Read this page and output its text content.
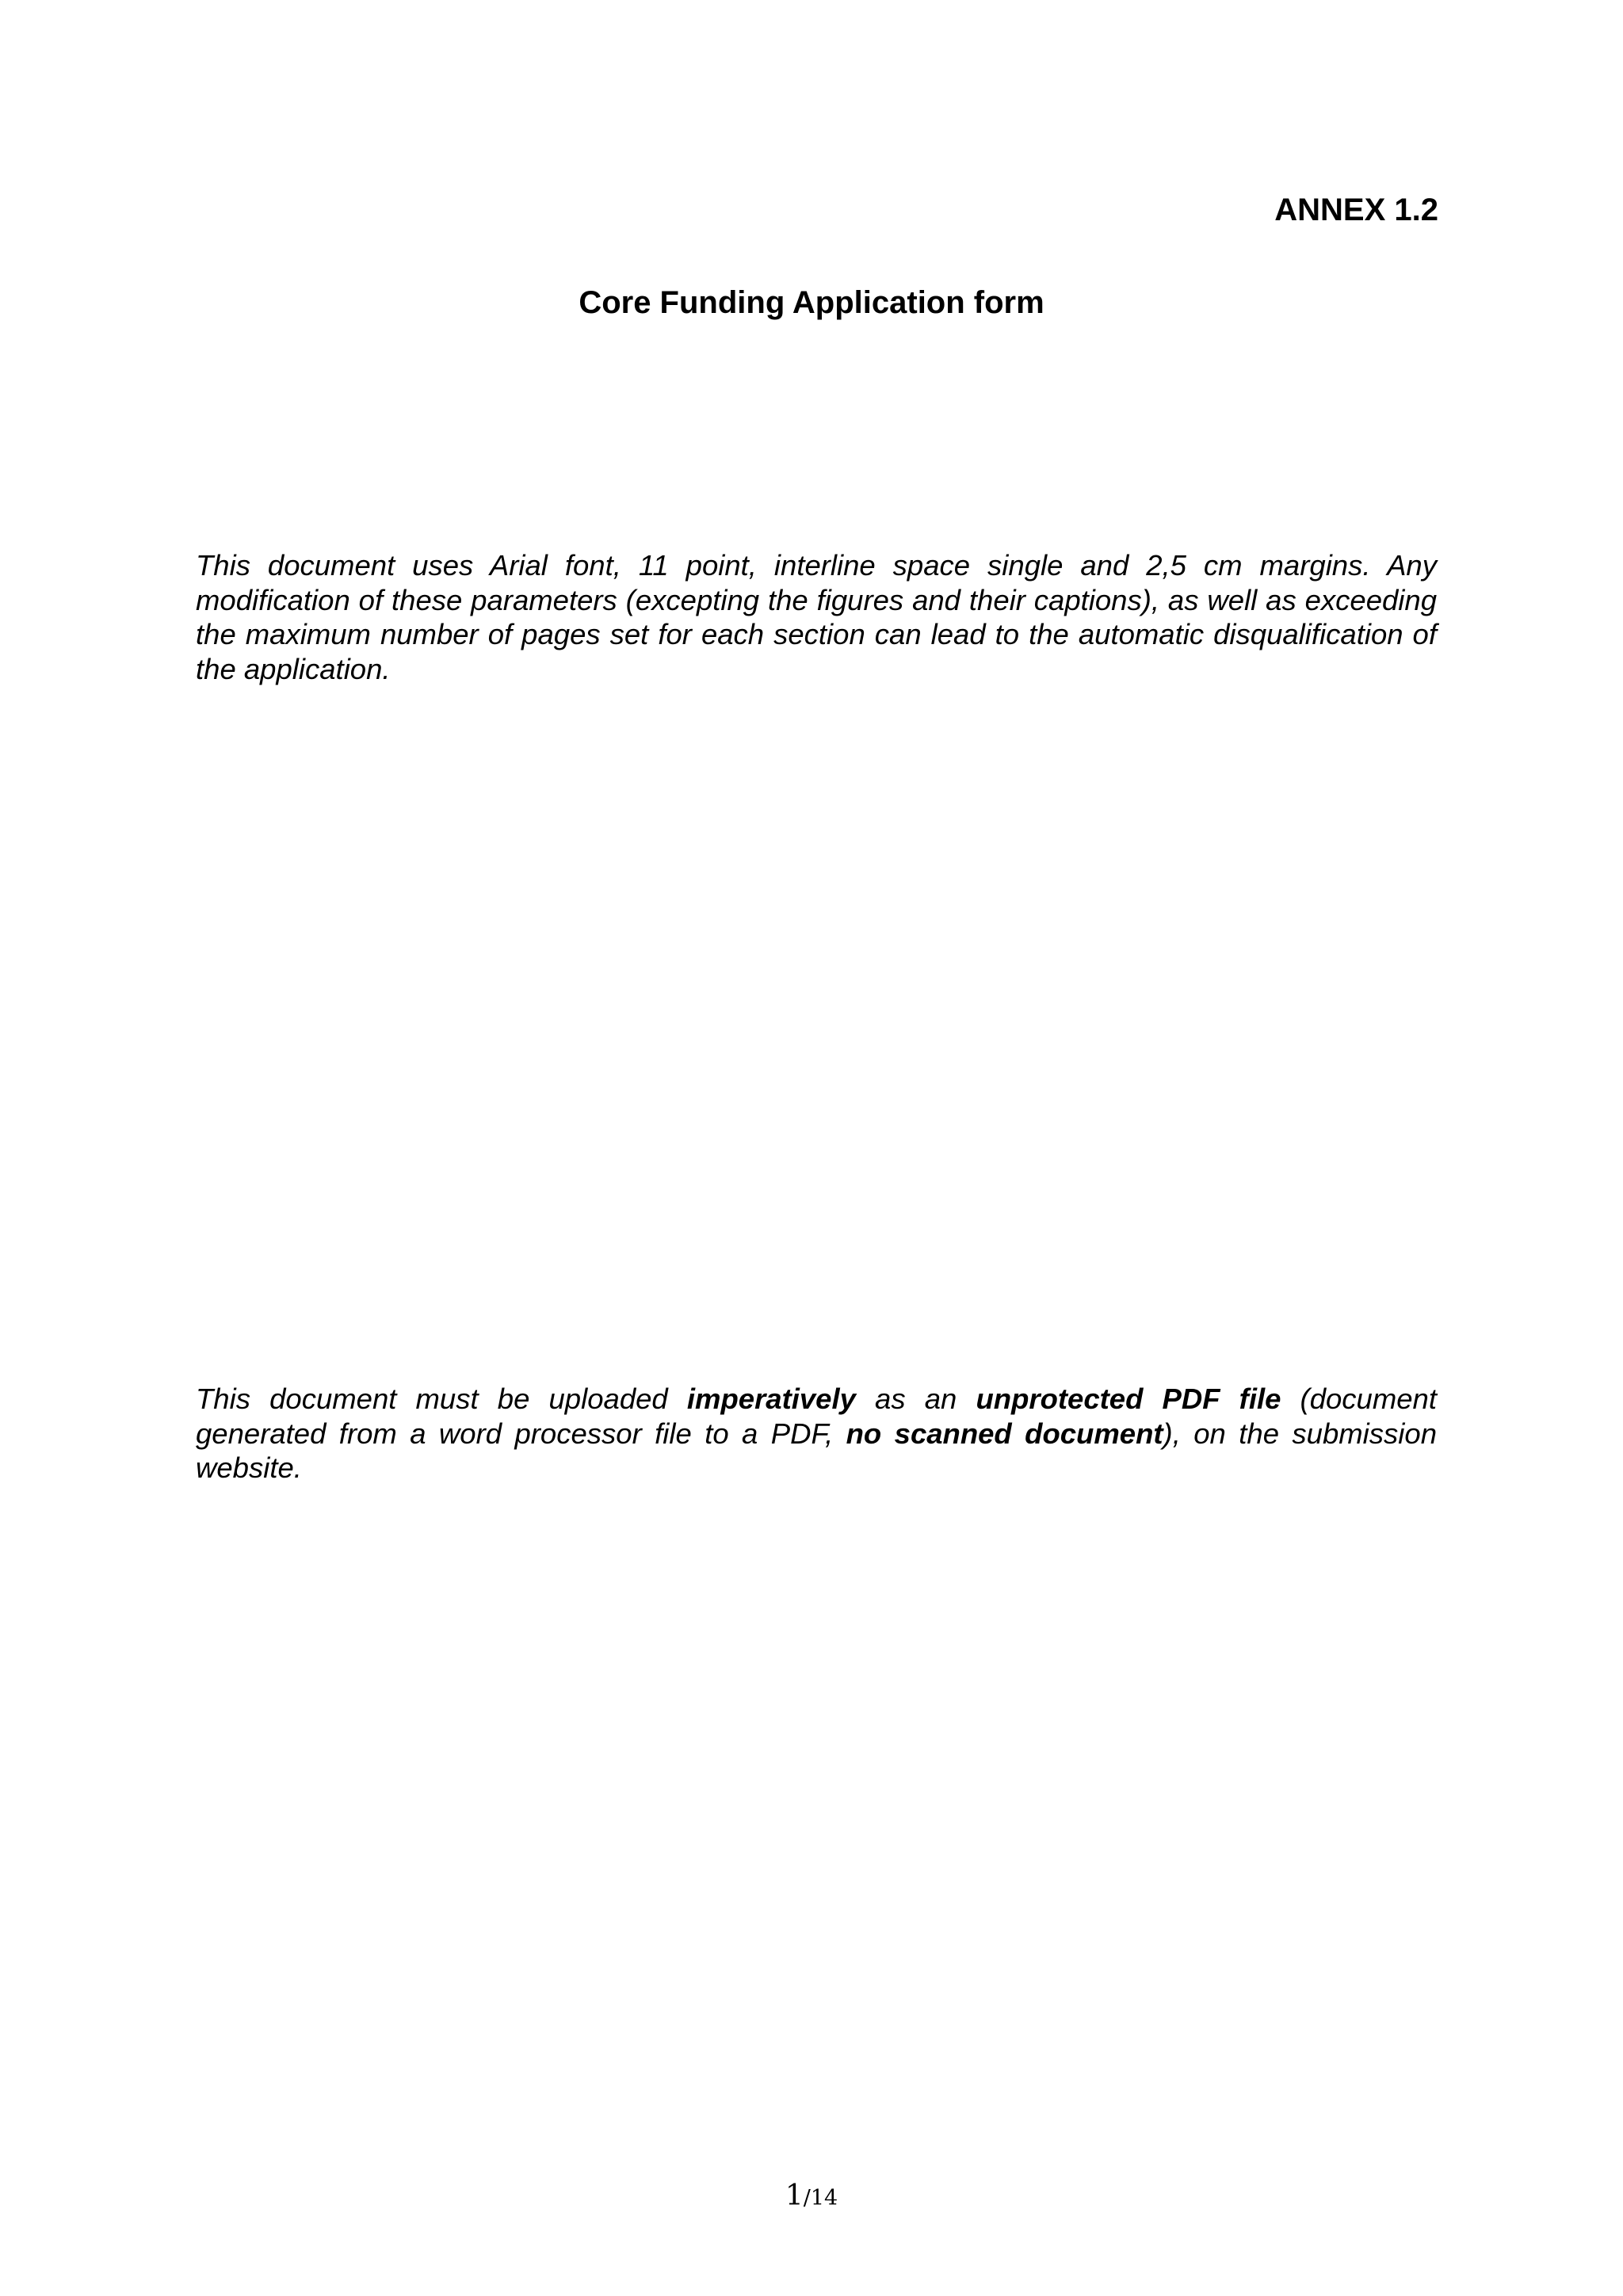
ANNEX 1.2
Core Funding Application form

This document uses Arial font, 11 point, interline space single and 2,5 cm margins. Any modification of these parameters (excepting the figures and their captions), as well as exceeding the maximum number of pages set for each section can lead to the automatic disqualification of the application.

This document must be uploaded imperatively as an unprotected PDF file (document generated from a word processor file to a PDF, no scanned document), on the submission website.

1/14
